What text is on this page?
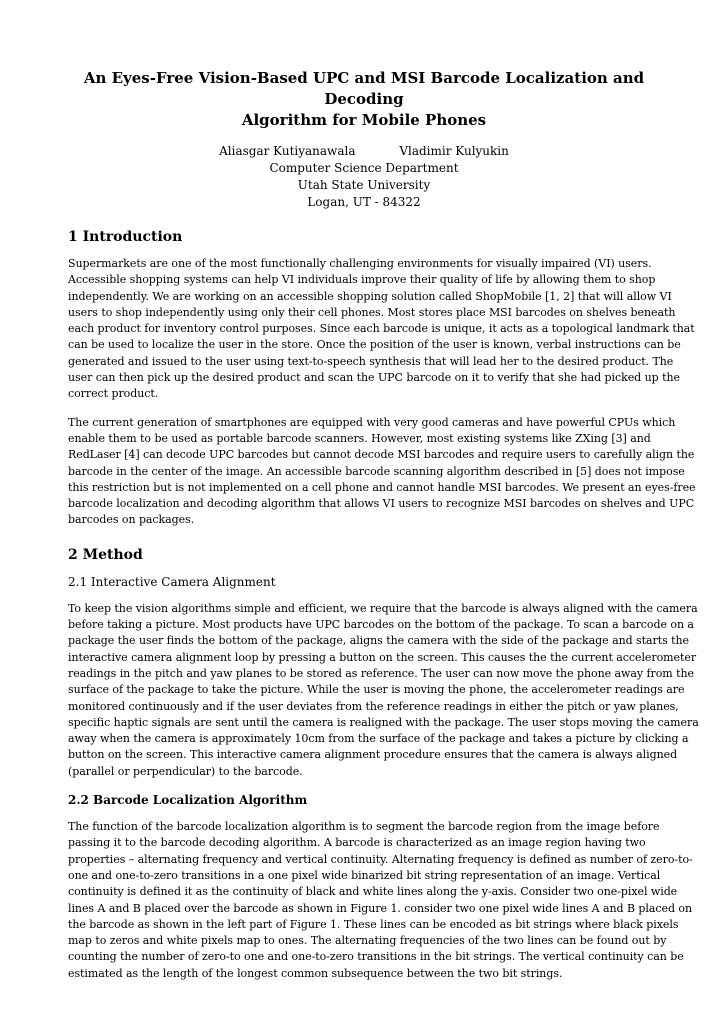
An Eyes-Free Vision-Based UPC and MSI Barcode Localization and Decoding
Algorithm for Mobile Phones
Aliasgar Kutiyanawala	Vladimir Kulyukin
Computer Science Department
Utah State University
Logan, UT - 84322
1 Introduction

Supermarkets are one of the most functionally challenging environments for visually impaired (VI) users.
Accessible shopping systems can help VI individuals improve their quality of life by allowing them to shop
independently. We are working on an accessible shopping solution called ShopMobile [1, 2] that will allow VI
users to shop independently using only their cell phones. Most stores place MSI barcodes on shelves beneath
each product for inventory control purposes. Since each barcode is unique, it acts as a topological landmark that
can be used to localize the user in the store. Once the position of the user is known, verbal instructions can be
generated and issued to the user using text-to-speech synthesis that will lead her to the desired product. The
user can then pick up the desired product and scan the UPC barcode on it to verify that she had picked up the
correct product.

The current generation of smartphones are equipped with very good cameras and have powerful CPUs which
enable them to be used as portable barcode scanners. However, most existing systems like ZXing [3] and
RedLaser [4] can decode UPC barcodes but cannot decode MSI barcodes and require users to carefully align the
barcode in the center of the image. An accessible barcode scanning algorithm described in [5] does not impose
this restriction but is not implemented on a cell phone and cannot handle MSI barcodes. We present an eyes-free
barcode localization and decoding algorithm that allows VI users to recognize MSI barcodes on shelves and UPC
barcodes on packages.

2 Method
2.1 Interactive Camera Alignment

To keep the vision algorithms simple and efficient, we require that the barcode is always aligned with the camera
before taking a picture. Most products have UPC barcodes on the bottom of the package. To scan a barcode on a
package the user finds the bottom of the package, aligns the camera with the side of the package and starts the
interactive camera alignment loop by pressing a button on the screen. This causes the the current accelerometer
readings in the pitch and yaw planes to be stored as reference. The user can now move the phone away from the
surface of the package to take the picture. While the user is moving the phone, the accelerometer readings are
monitored continuously and if the user deviates from the reference readings in either the pitch or yaw planes,
specific haptic signals are sent until the camera is realigned with the package. The user stops moving the camera
away when the camera is approximately 10cm from the surface of the package and takes a picture by clicking a
button on the screen. This interactive camera alignment procedure ensures that the camera is always aligned
(parallel or perpendicular) to the barcode.

2.2 Barcode Localization Algorithm

The function of the barcode localization algorithm is to segment the barcode region from the image before
passing it to the barcode decoding algorithm. A barcode is characterized as an image region having two
properties – alternating frequency and vertical continuity. Alternating frequency is defined as number of zero-to-
one and one-to-zero transitions in a one pixel wide binarized bit string representation of an image. Vertical
continuity is defined it as the continuity of black and white lines along the y-axis. Consider two one-pixel wide
lines A and B placed over the barcode as shown in Figure 1. consider two one pixel wide lines A and B placed on
the barcode as shown in the left part of Figure 1. These lines can be encoded as bit strings where black pixels
map to zeros and white pixels map to ones. The alternating frequencies of the two lines can be found out by
counting the number of zero-to one and one-to-zero transitions in the bit strings. The vertical continuity can be
estimated as the length of the longest common subsequence between the two bit strings.
